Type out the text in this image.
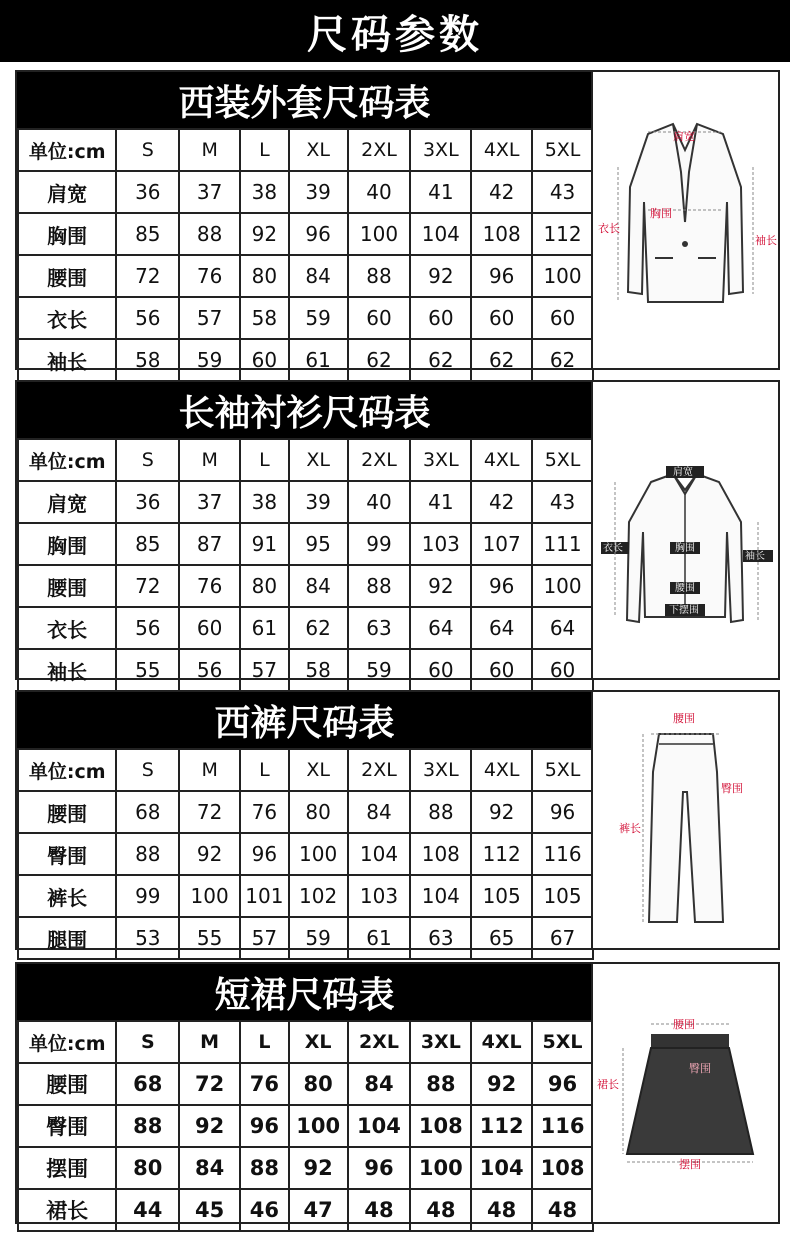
尺码参数
西装外套尺码表
单位:cm	S	M	L	XL	2XL	3XL	4XL	5XL
肩宽	36	37	38	39	40	41	42	43
胸围	85	88	92	96	100	104	108	112
腰围	72	76	80	84	88	92	96	100
衣长	56	57	58	59	60	60	60	60
袖长	58	59	60	61	62	62	62	62
肩宽
胸围
衣长
袖长
长袖衬衫尺码表
单位:cm	S	M	L	XL	2XL	3XL	4XL	5XL
肩宽	36	37	38	39	40	41	42	43
胸围	85	87	91	95	99	103	107	111
腰围	72	76	80	84	88	92	96	100
衣长	56	60	61	62	63	64	64	64
袖长	55	56	57	58	59	60	60	60
肩宽
衣长	胸围
袖长
腰围
下摆围
西裤尺码表
单位:cm	S	M	L	XL	2XL	3XL	4XL	5XL
腰围	68	72	76	80	84	88	92	96
臀围	88	92	96	100	104	108	112	116
裤长	99	100	101	102	103	104	105	105
腿围	53	55	57	59	61	63	65	67
腰围
臀围
裤长
短裙尺码表
单位:cm	S	M	L	XL	2XL	3XL	4XL	5XL
腰围	68	72	76	80	84	88	92	96
臀围	88	92	96	100	104	108	112	116
摆围	80	84	88	92	96	100	104	108
裙长	44	45	46	47	48	48	48	48
腰围
臀围
裙长
摆围
